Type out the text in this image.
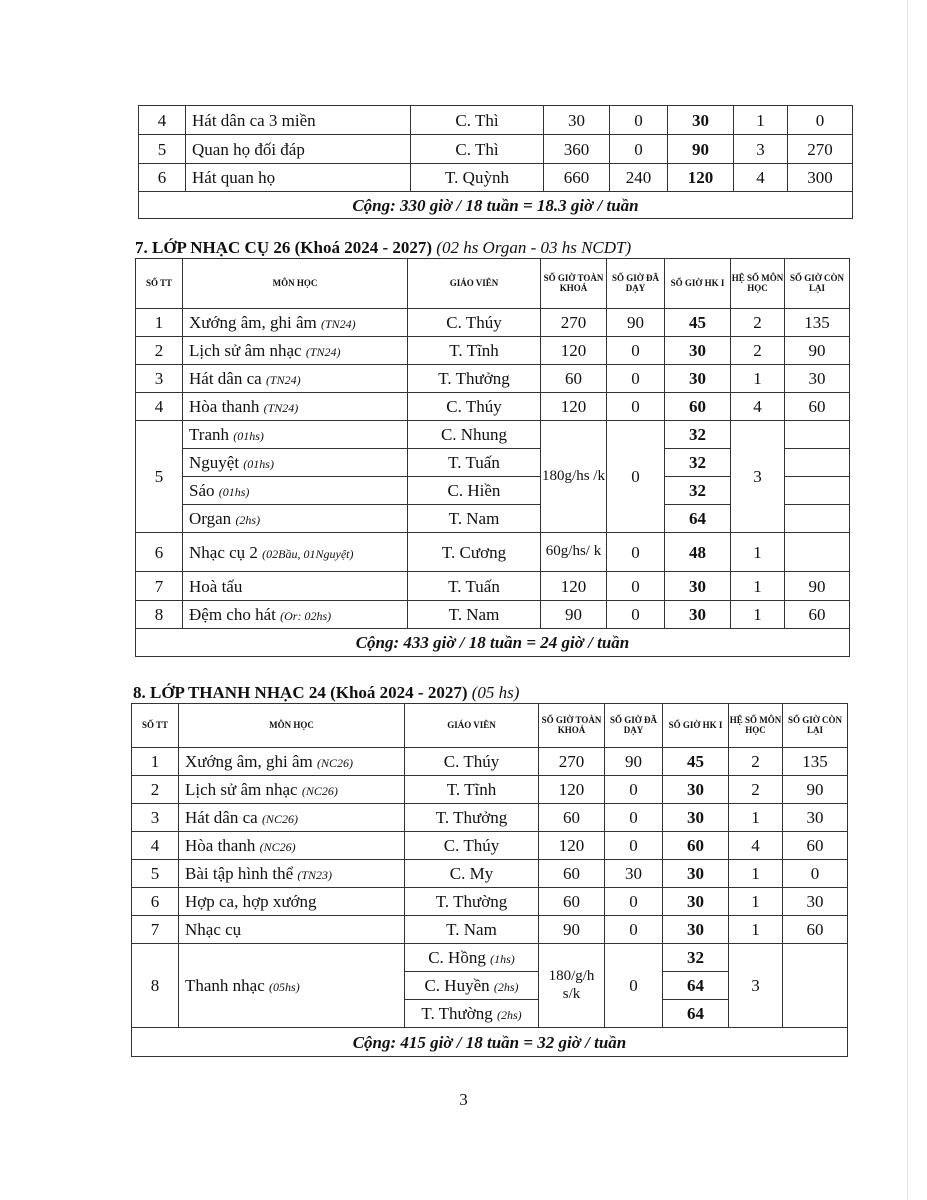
4	Hát dân ca 3 miền	C. Thì	30	0	30	1	0
5	Quan họ đối đáp	C. Thì	360	0	90	3	270
6	Hát quan họ	T. Quỳnh	660	240	120	4	300
Cộng: 330 giờ / 18 tuần = 18.3 giờ / tuần							
7. LỚP NHẠC CỤ 26 (Khoá 2024 - 2027) (02 hs Organ - 03 hs NCDT)
SỐ TT	MÔN HỌC	GIÁO VIÊN	SỐ GIỜ TOÀN KHOÁ	SỐ GIỜ ĐÃ DẠY	SỐ GIỜ HK I	HỆ SỐ MÔN HỌC	SỐ GIỜ CÒN LẠI
1	Xướng âm, ghi âm (TN24)	C. Thúy	270	90	45	2	135
2	Lịch sử âm nhạc (TN24)	T. Tĩnh	120	0	30	2	90
3	Hát dân ca (TN24)	T. Thưởng	60	0	30	1	30
4	Hòa thanh (TN24)	C. Thúy	120	0	60	4	60
5	Tranh (01hs)	C. Nhung	180g/hs /k	0	32	3	
	Nguyệt (01hs)	T. Tuấn			32		
	Sáo (01hs)	C. Hiền			32		
	Organ (2hs)	T. Nam			64		
6	Nhạc cụ 2 (02Bầu, 01Nguyệt)	T. Cương	60g/hs/ k	0	48	1	
7	Hoà tấu	T. Tuấn	120	0	30	1	90
8	Đệm cho hát (Or: 02hs)	T. Nam	90	0	30	1	60
Cộng: 433 giờ / 18 tuần = 24 giờ / tuần							
8. LỚP THANH NHẠC 24 (Khoá 2024 - 2027) (05 hs)
SỐ TT	MÔN HỌC	GIÁO VIÊN	SỐ GIỜ TOÀN KHOÁ	SỐ GIỜ ĐÃ DẠY	SỐ GIỜ HK I	HỆ SỐ MÔN HỌC	SỐ GIỜ CÒN LẠI
1	Xướng âm, ghi âm (NC26)	C. Thúy	270	90	45	2	135
2	Lịch sử âm nhạc (NC26)	T. Tĩnh	120	0	30	2	90
3	Hát dân ca (NC26)	T. Thưởng	60	0	30	1	30
4	Hòa thanh (NC26)	C. Thúy	120	0	60	4	60
5	Bài tập hình thể (TN23)	C. My	60	30	30	1	0
6	Hợp ca, hợp xướng	T. Thường	60	0	30	1	30
7	Nhạc cụ	T. Nam	90	0	30	1	60
8	Thanh nhạc (05hs)	C. Hồng (1hs)	180/g/h s/k	0	32	3	
		C. Huyền (2hs)			64		
		T. Thường (2hs)			64		
Cộng: 415 giờ / 18 tuần = 32 giờ / tuần							
3
